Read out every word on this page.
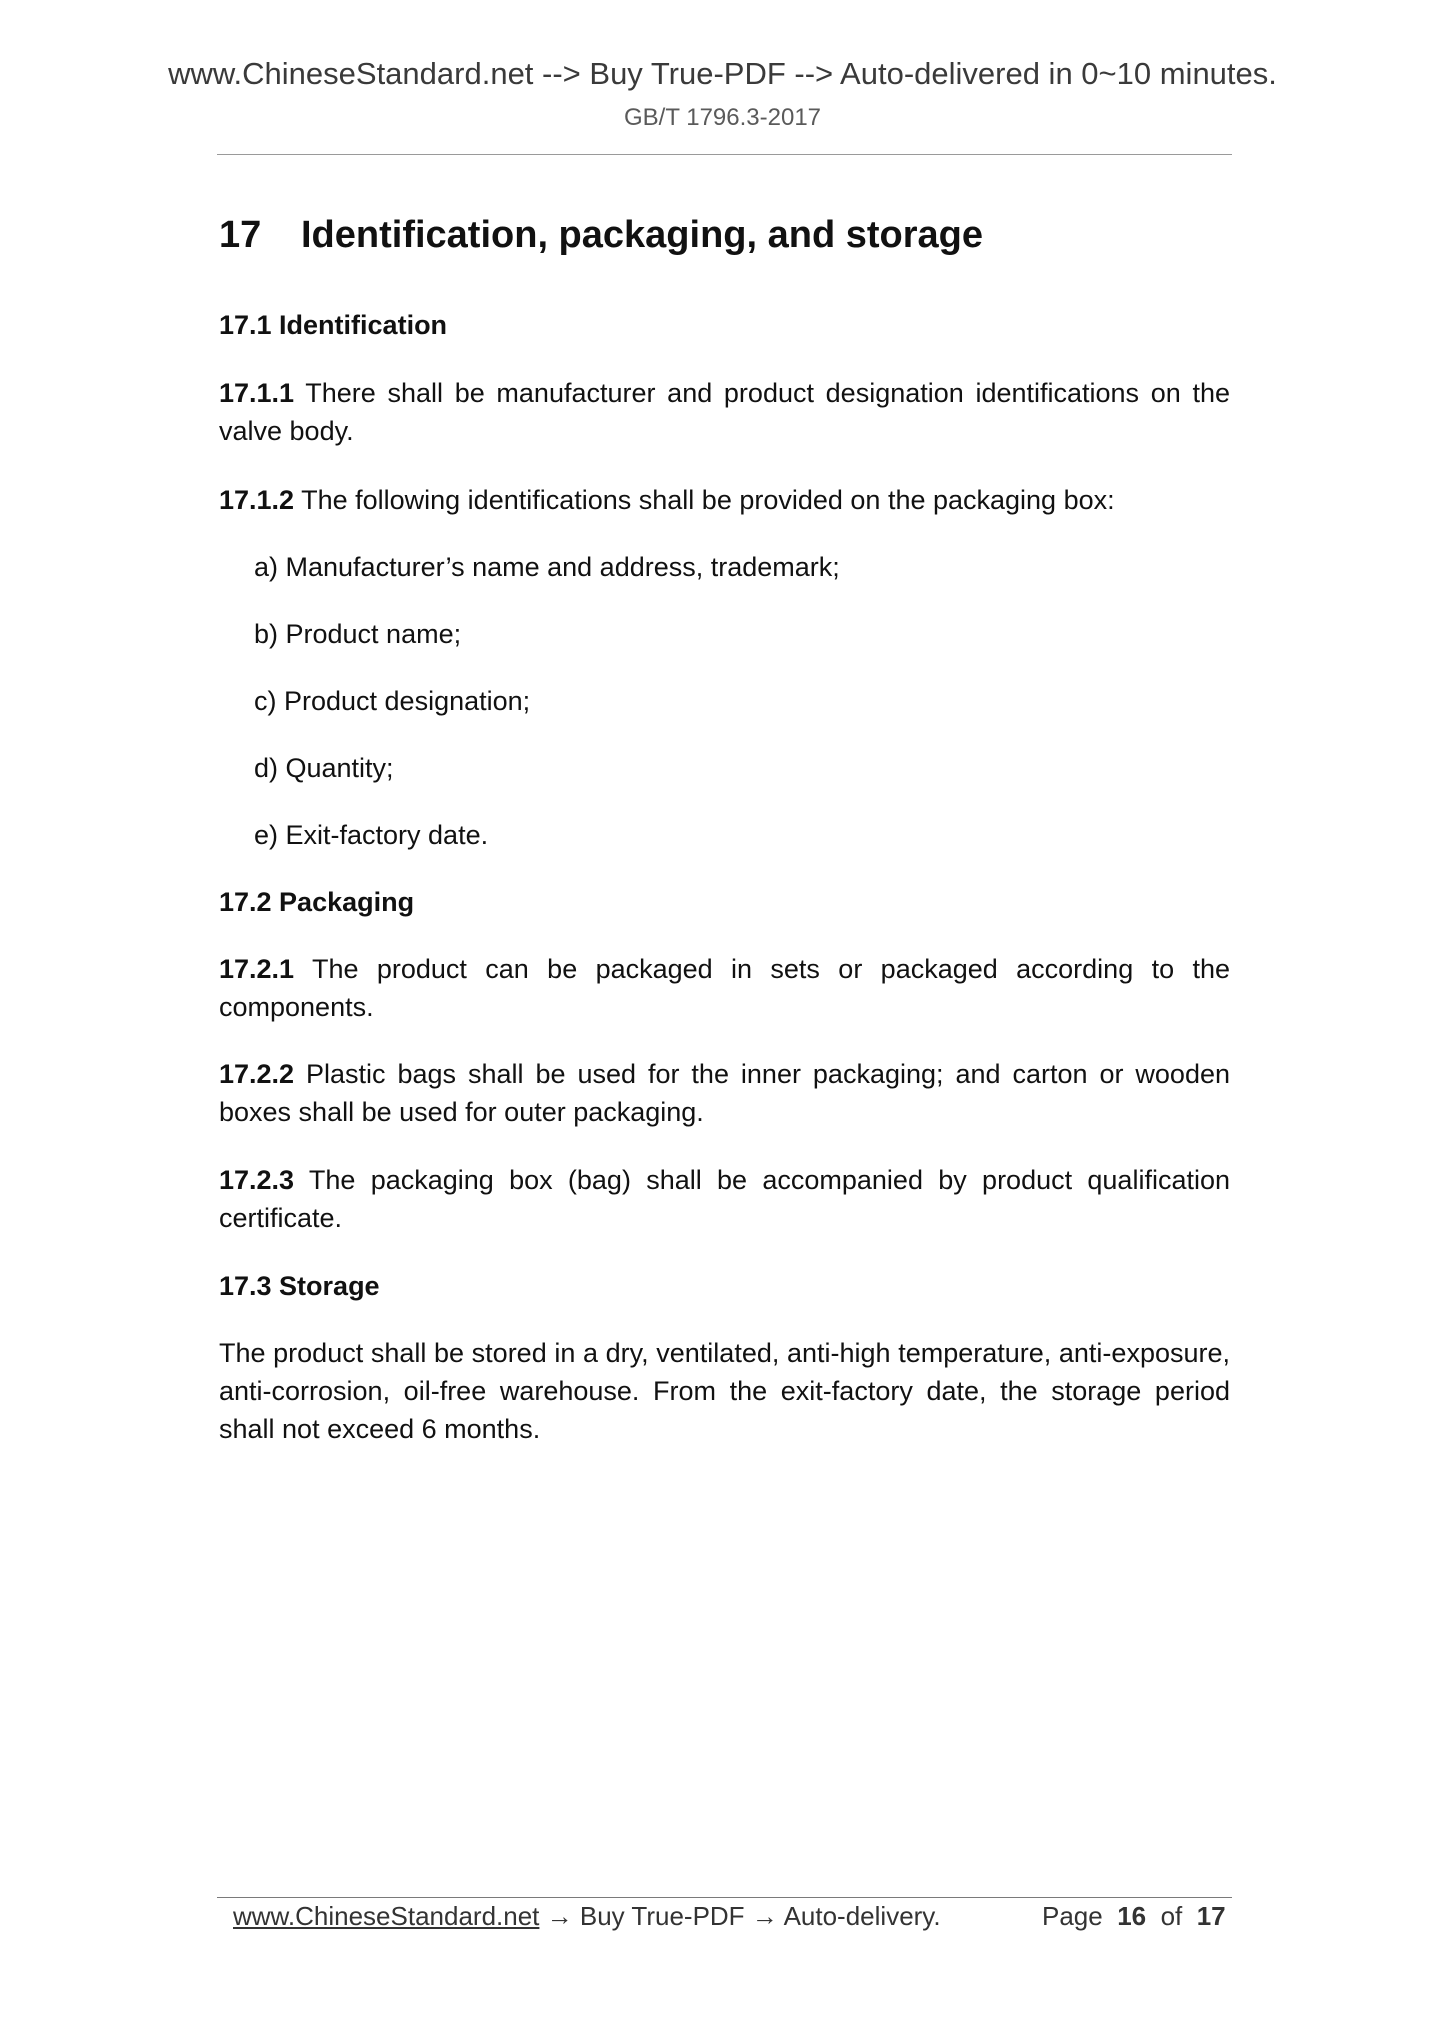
www.ChineseStandard.net --> Buy True-PDF --> Auto-delivered in 0~10 minutes.
GB/T 1796.3-2017
17 Identification, packaging, and storage
17.1 Identification
17.1.1 There shall be manufacturer and product designation identifications on the valve body.
17.1.2 The following identifications shall be provided on the packaging box:
a) Manufacturer’s name and address, trademark;
b) Product name;
c) Product designation;
d) Quantity;
e) Exit-factory date.
17.2 Packaging
17.2.1 The product can be packaged in sets or packaged according to the components.
17.2.2 Plastic bags shall be used for the inner packaging; and carton or wooden boxes shall be used for outer packaging.
17.2.3 The packaging box (bag) shall be accompanied by product qualification certificate.
17.3 Storage
The product shall be stored in a dry, ventilated, anti-high temperature, anti-exposure, anti-corrosion, oil-free warehouse. From the exit-factory date, the storage period shall not exceed 6 months.
www.ChineseStandard.net → Buy True-PDF → Auto-delivery.	Page 16 of 17
